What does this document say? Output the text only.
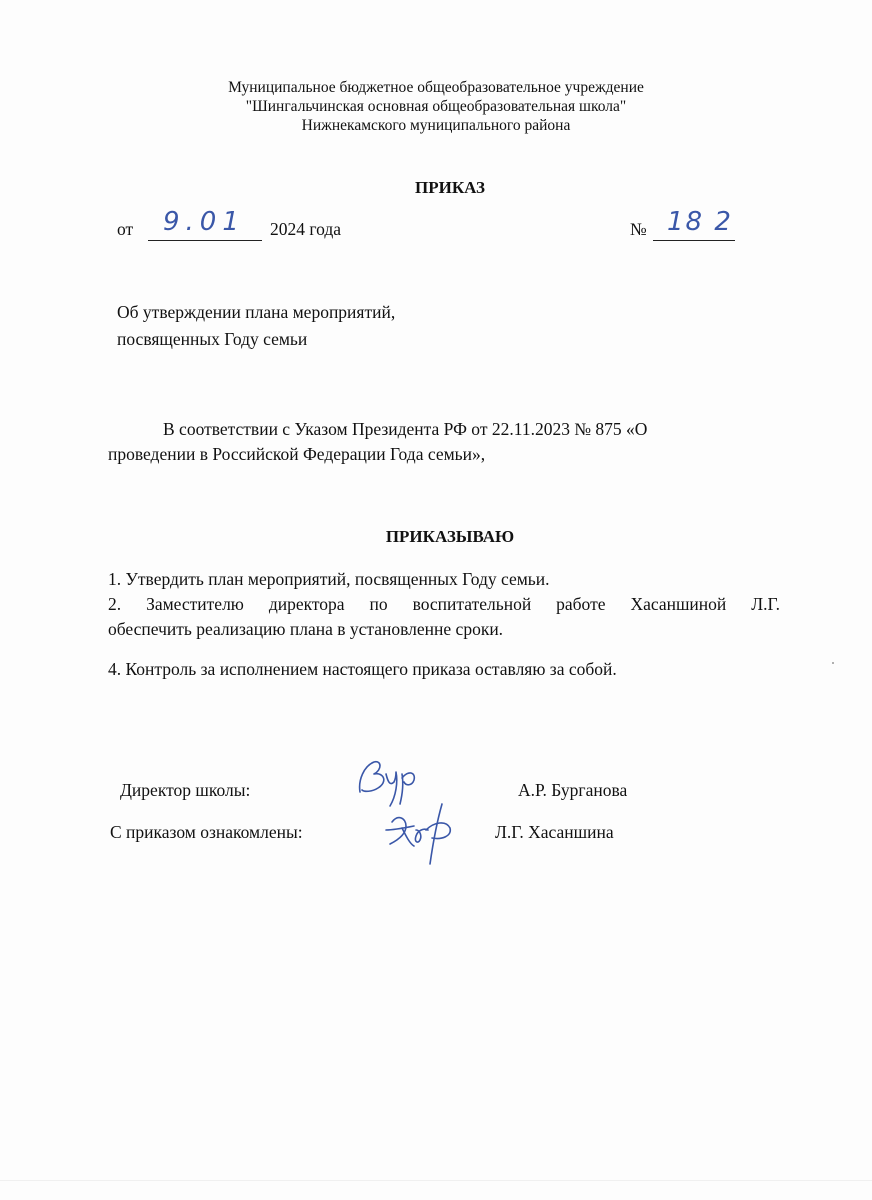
Муниципальное бюджетное общеобразовательное учреждение
"Шингальчинская основная общеобразовательная школа"
Нижнекамского муниципального района
ПРИКАЗ
от 9.01 2024 года	№ 18 2
Об утверждении плана мероприятий,
посвященных Году семьи
В соответствии с Указом Президента РФ от 22.11.2023 № 875 «О
проведении в Российской Федерации Года семьи»,
ПРИКАЗЫВАЮ
1. Утвердить план мероприятий, посвященных Году семьи.
2. Заместителю директора по воспитательной работе Хасаншиной Л.Г.
обеспечить реализацию плана в установленне сроки.
4. Контроль за исполнением настоящего приказа оставляю за собой.
Директор школы:	А.Р. Бурганова
С приказом ознакомлены:	Л.Г. Хасаншина
